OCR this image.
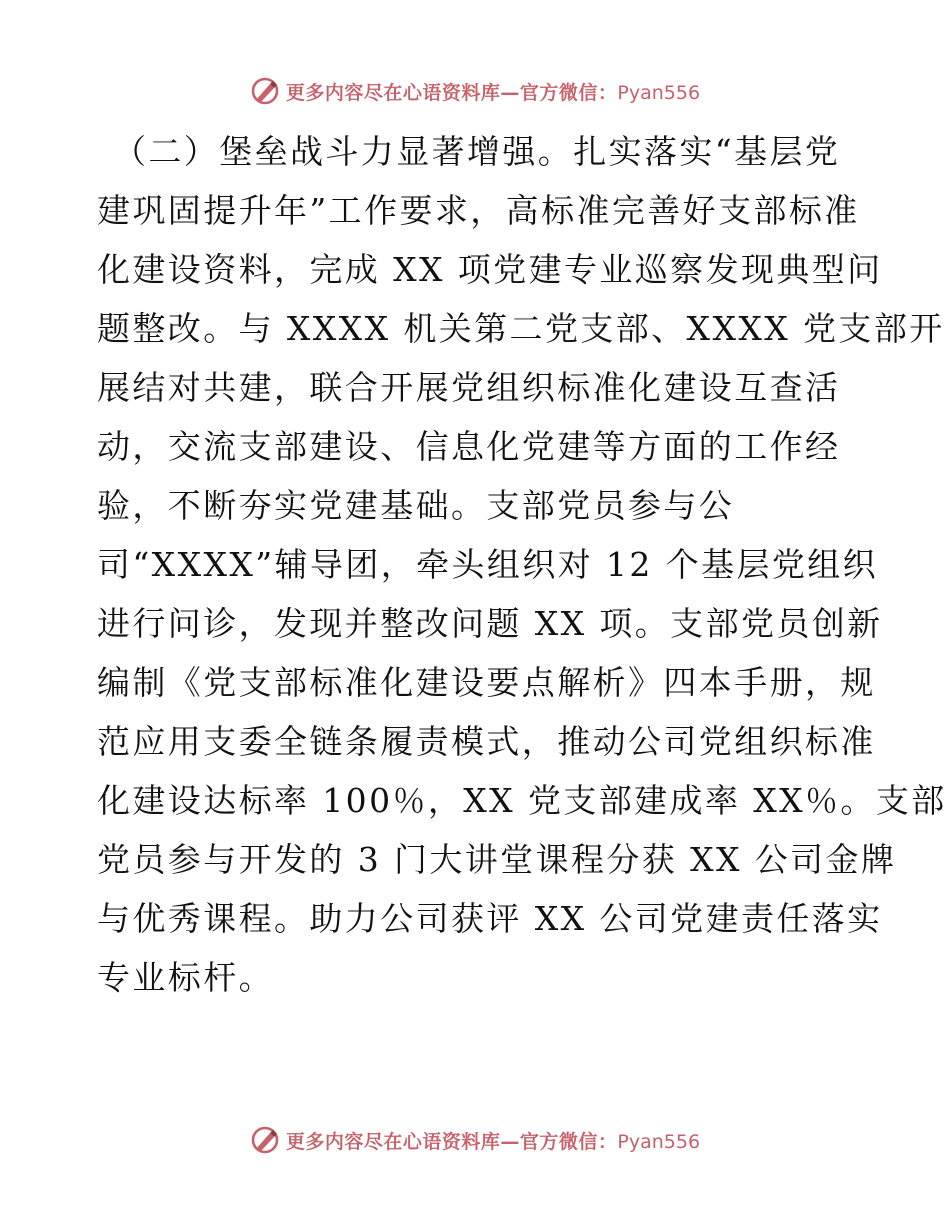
更多内容尽在心语资料库—官方微信：Pyan556
（二）堡垒战斗力显著增强。扎实落实“基层党
建巩固提升年”工作要求，高标准完善好支部标准
化建设资料，完成 XX 项党建专业巡察发现典型问
题整改。与 XXXX 机关第二党支部、XXXX 党支部开
展结对共建，联合开展党组织标准化建设互查活
动，交流支部建设、信息化党建等方面的工作经
验，不断夯实党建基础。支部党员参与公
司“XXXX”辅导团，牵头组织对 12 个基层党组织
进行问诊，发现并整改问题 XX 项。支部党员创新
编制《党支部标准化建设要点解析》四本手册，规
范应用支委全链条履责模式，推动公司党组织标准
化建设达标率 100％，XX 党支部建成率 XX％。支部
党员参与开发的 3 门大讲堂课程分获 XX 公司金牌
与优秀课程。助力公司获评 XX 公司党建责任落实
专业标杆。
更多内容尽在心语资料库—官方微信：Pyan556
